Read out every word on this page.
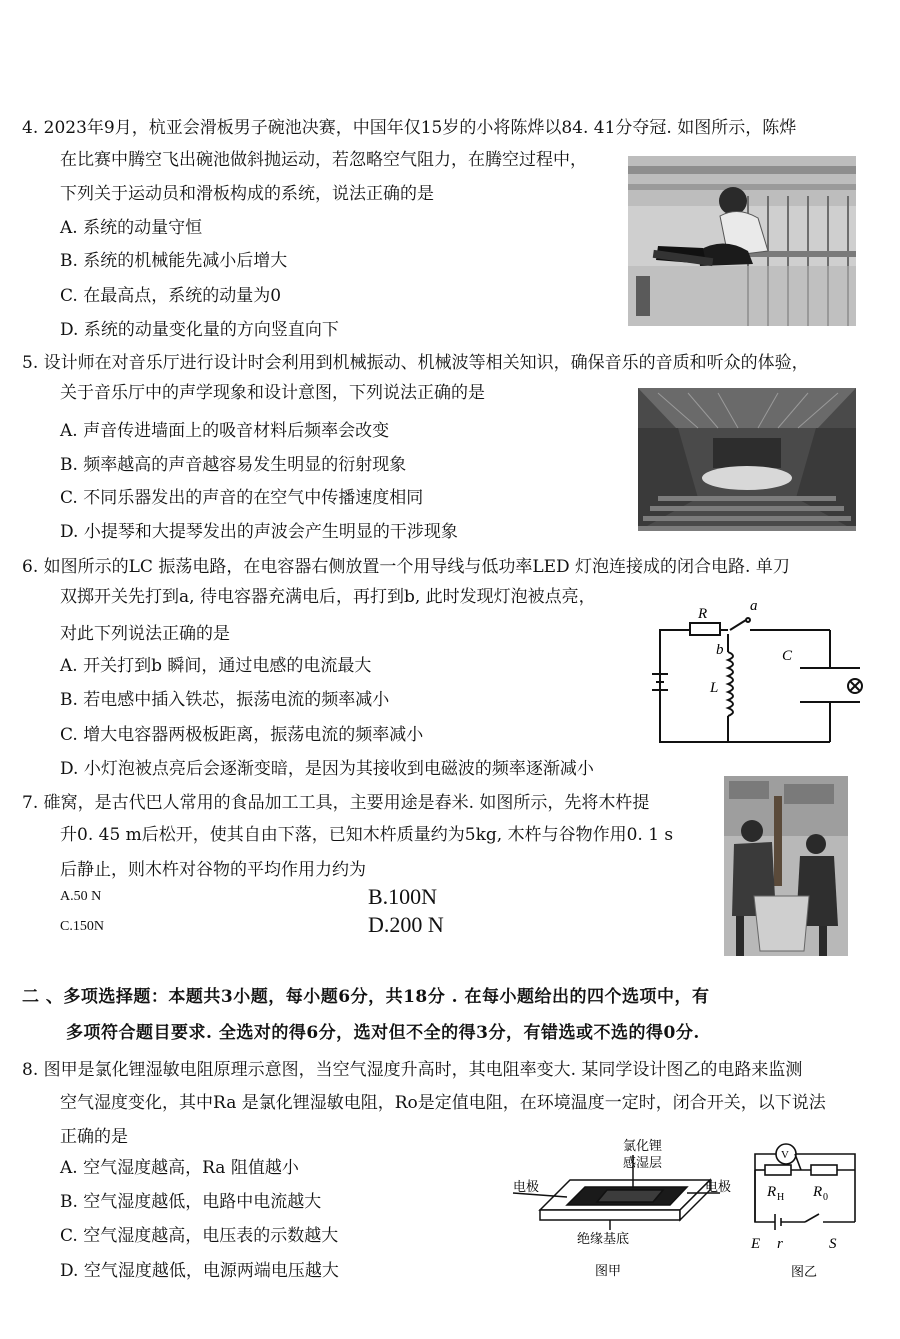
4. 2023年9月，杭亚会滑板男子碗池决赛，中国年仅15岁的小将陈烨以84. 41分夺冠. 如图所示，陈烨
在比赛中腾空飞出碗池做斜抛运动，若忽略空气阻力，在腾空过程中，
下列关于运动员和滑板构成的系统，说法正确的是
A. 系统的动量守恒
B. 系统的机械能先减小后增大
C. 在最高点，系统的动量为0
D. 系统的动量变化量的方向竖直向下
5. 设计师在对音乐厅进行设计时会利用到机械振动、机械波等相关知识，确保音乐的音质和听众的体验，
关于音乐厅中的声学现象和设计意图，下列说法正确的是
A. 声音传进墙面上的吸音材料后频率会改变
B. 频率越高的声音越容易发生明显的衍射现象
C. 不同乐器发出的声音的在空气中传播速度相同
D. 小提琴和大提琴发出的声波会产生明显的干涉现象
6. 如图所示的LC 振荡电路，在电容器右侧放置一个用导线与低功率LED 灯泡连接成的闭合电路. 单刀
双掷开关先打到a, 待电容器充满电后，再打到b, 此时发现灯泡被点亮，
对此下列说法正确的是
A. 开关打到b 瞬间，通过电感的电流最大
B. 若电感中插入铁芯，振荡电流的频率减小
C. 增大电容器两极板距离，振荡电流的频率减小
D. 小灯泡被点亮后会逐渐变暗，是因为其接收到电磁波的频率逐渐减小
R	a
b
L
C
7. 碓窝，是古代巴人常用的食品加工工具，主要用途是舂米. 如图所示，先将木杵提
升0. 45 m后松开，使其自由下落，已知木杵质量约为5kg, 木杵与谷物作用0. 1 s
后静止，则木杵对谷物的平均作用力约为
A.50 N	B.100N
C.150N	D.200 N
二 、多项选择题：本题共3小题，每小题6分，共18分 . 在每小题给出的四个选项中，有
多项符合题目要求. 全选对的得6分，选对但不全的得3分，有错选或不选的得0分.
8. 图甲是氯化锂湿敏电阻原理示意图，当空气湿度升高时，其电阻率变大. 某同学设计图乙的电路来监测
空气湿度变化，其中Ra 是氯化锂湿敏电阻，Ro是定值电阻，在环境温度一定时，闭合开关，以下说法
正确的是
A. 空气湿度越高，Ra 阻值越小
B. 空气湿度越低，电路中电流越大
C. 空气湿度越高，电压表的示数越大
D. 空气湿度越低，电源两端电压越大
氯化锂
感湿层
电极	电极
绝缘基底
图甲
V
R H R 0
E r	S
图乙
